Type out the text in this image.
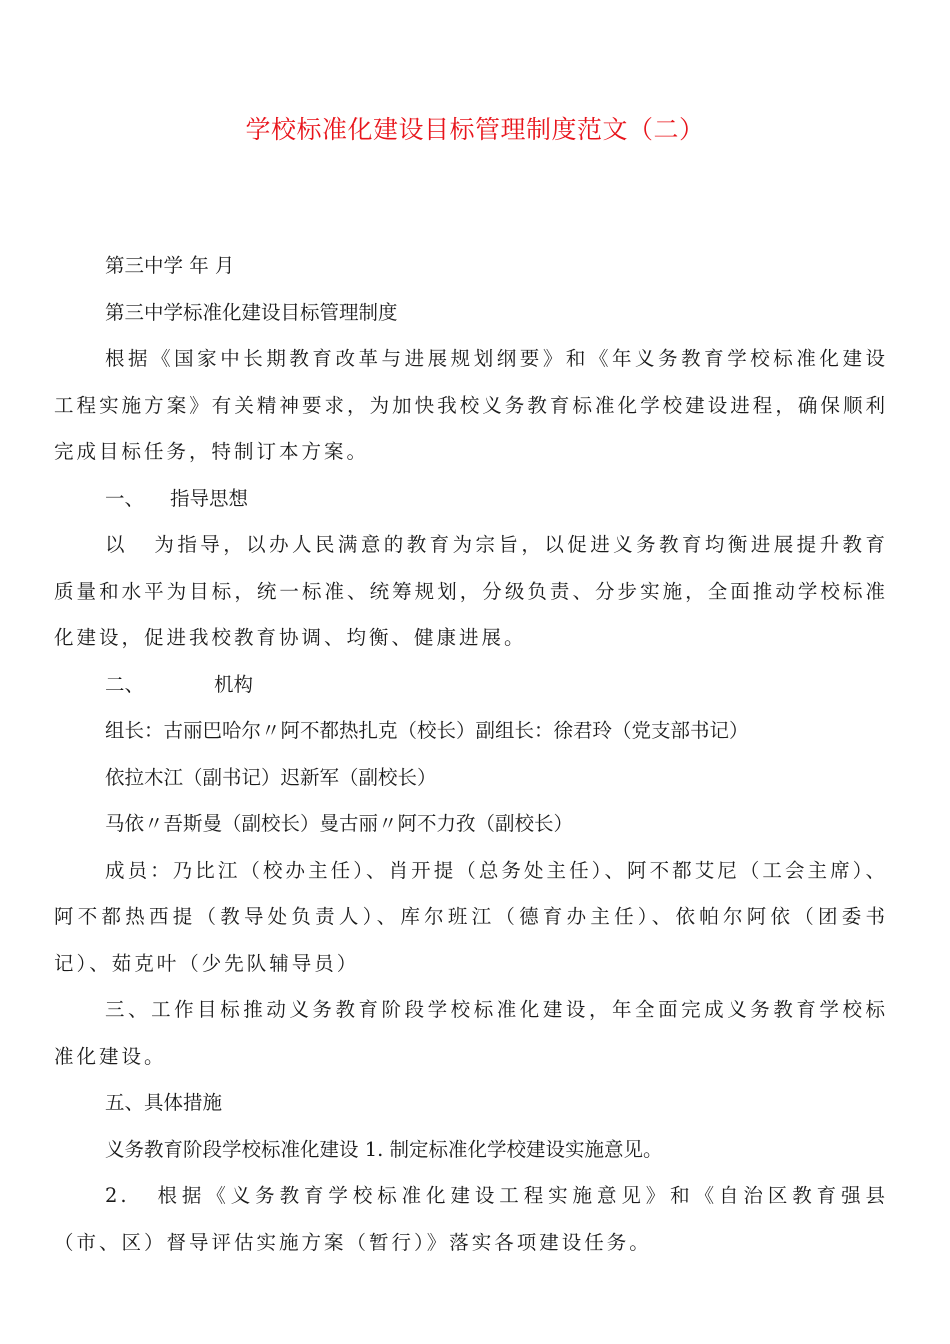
学校标准化建设目标管理制度范文（二）

第三中学 年 月

第三中学标准化建设目标管理制度

根据《国家中长期教育改革与进展规划纲要》和《年义务教育学校标准化建设工程实施方案》有关精神要求，为加快我校义务教育标准化学校建设进程，确保顺利完成目标任务，特制订本方案。

一、 指导思想

以 为指导，以办人民满意的教育为宗旨，以促进义务教育均衡进展提升教育质量和水平为目标，统一标准、统筹规划，分级负责、分步实施，全面推动学校标准化建设，促进我校教育协调、均衡、健康进展。

二、	机构

组长：古丽巴哈尔〃阿不都热扎克（校长）副组长：徐君玲（党支部书记）

依拉木江（副书记）迟新军（副校长）

马依〃吾斯曼（副校长）曼古丽〃阿不力孜（副校长）

成员：乃比江（校办主任）、肖开提（总务处主任）、阿不都艾尼（工会主席）、阿不都热西提（教导处负责人）、库尔班江（德育办主任）、依帕尔阿依（团委书记）、茹克叶（少先队辅导员）

三、工作目标推动义务教育阶段学校标准化建设，年全面完成义务教育学校标准化建设。

五、具体措施

义务教育阶段学校标准化建设 1. 制定标准化学校建设实施意见。

2. 根据《义务教育学校标准化建设工程实施意见》和《自治区教育强县（市、区）督导评估实施方案（暂行）》落实各项建设任务。
